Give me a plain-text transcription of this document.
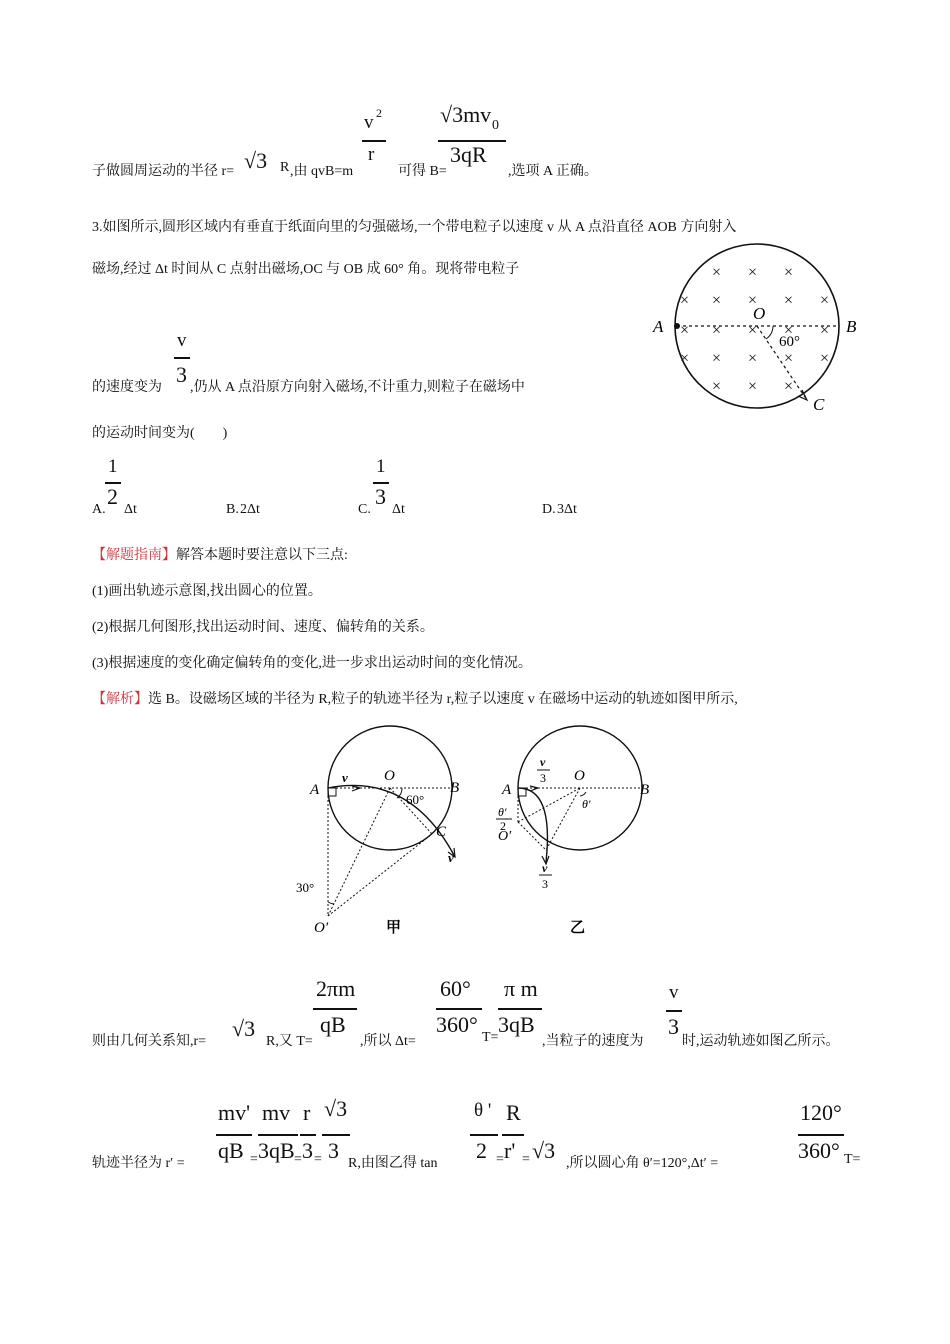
子做圆周运动的半径 r= √3 R ,由 qvB=m
v 2
r
可得 B=
√3mv 0
3qR
,选项 A 正确。
3.如图所示,圆形区域内有垂直于纸面向里的匀强磁场,一个带电粒子以速度 v 从 A 点沿直径 AOB 方向射入
磁场,经过 Δt 时间从 C 点射出磁场,OC 与 OB 成 60° 角。现将带电粒子
v
3
的速度变为 ,仍从 A 点沿原方向射入磁场,不计重力,则粒子在磁场中
的运动时间变为(　　)
× × ×
× × × × ×
× × × × ×
× × × × ×
× × ×
A
O
B
C
60°
A.
1
2
Δt	B. 2Δt	C.
1
3
Δt	D. 3Δt
【解题指南】 解答本题时要注意以下三点:
(1)画出轨迹示意图,找出圆心的位置。
(2)根据几何图形,找出运动时间、速度、偏转角的关系。
(3)根据速度的变化确定偏转角的变化,进一步求出运动时间的变化情况。
【解析】 选 B。设磁场区域的半径为 R,粒子的轨迹半径为 r,粒子以速度 v 在磁场中运动的轨迹如图甲所示,
A
v O
B
60°
C
v
30°
O′	甲
A
v
3 O
B
θ′
θ′
2
O′
v
3
乙
则由几何关系知,r=
√3
R,又 T=
2πm
qB
,所以 Δt=
60°
360°
T=
π m
3qB
,当粒子的速度为
v
3
时,运动轨迹如图乙所示。
轨迹半径为 r′ =
mv'
qB =
mv
3qB =
r
3 =
√3
3
R,由图乙得 tan
θ '
2 =
R
r' = √3
,所以圆心角 θ′=120°,Δt′ =
120°
360° T=
